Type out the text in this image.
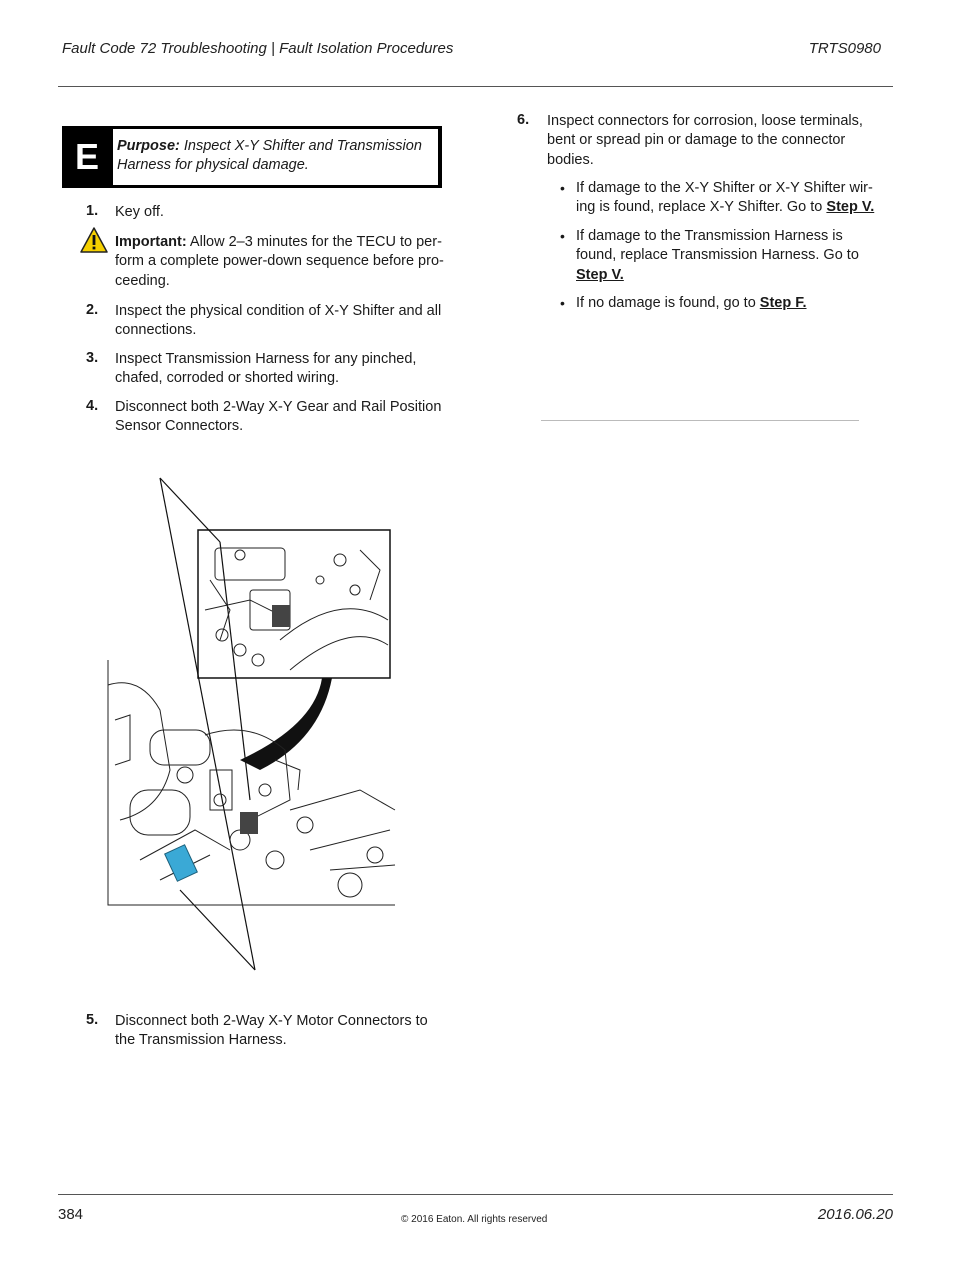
Fault Code 72 Troubleshooting | Fault Isolation Procedures	TRTS0980
E	Purpose: Inspect X-Y Shifter and Transmission
Harness for physical damage.
1. Key off.
Important: Allow 2–3 minutes for the TECU to per-
form a complete power-down sequence before pro-
ceeding.
2. Inspect the physical condition of X-Y Shifter and all
connections.
3. Inspect Transmission Harness for any pinched,
chafed, corroded or shorted wiring.
4. Disconnect both 2-Way X-Y Gear and Rail Position
Sensor Connectors.
5. Disconnect both 2-Way X-Y Motor Connectors to
the Transmission Harness.
6. Inspect connectors for corrosion, loose terminals,
bent or spread pin or damage to the connector
bodies.
• If damage to the X-Y Shifter or X-Y Shifter wir-
ing is found, replace X-Y Shifter. Go to Step V.
• If damage to the Transmission Harness is
found, replace Transmission Harness. Go to
Step V.
• If no damage is found, go to Step F.
384	© 2016 Eaton. All rights reserved	2016.06.20
